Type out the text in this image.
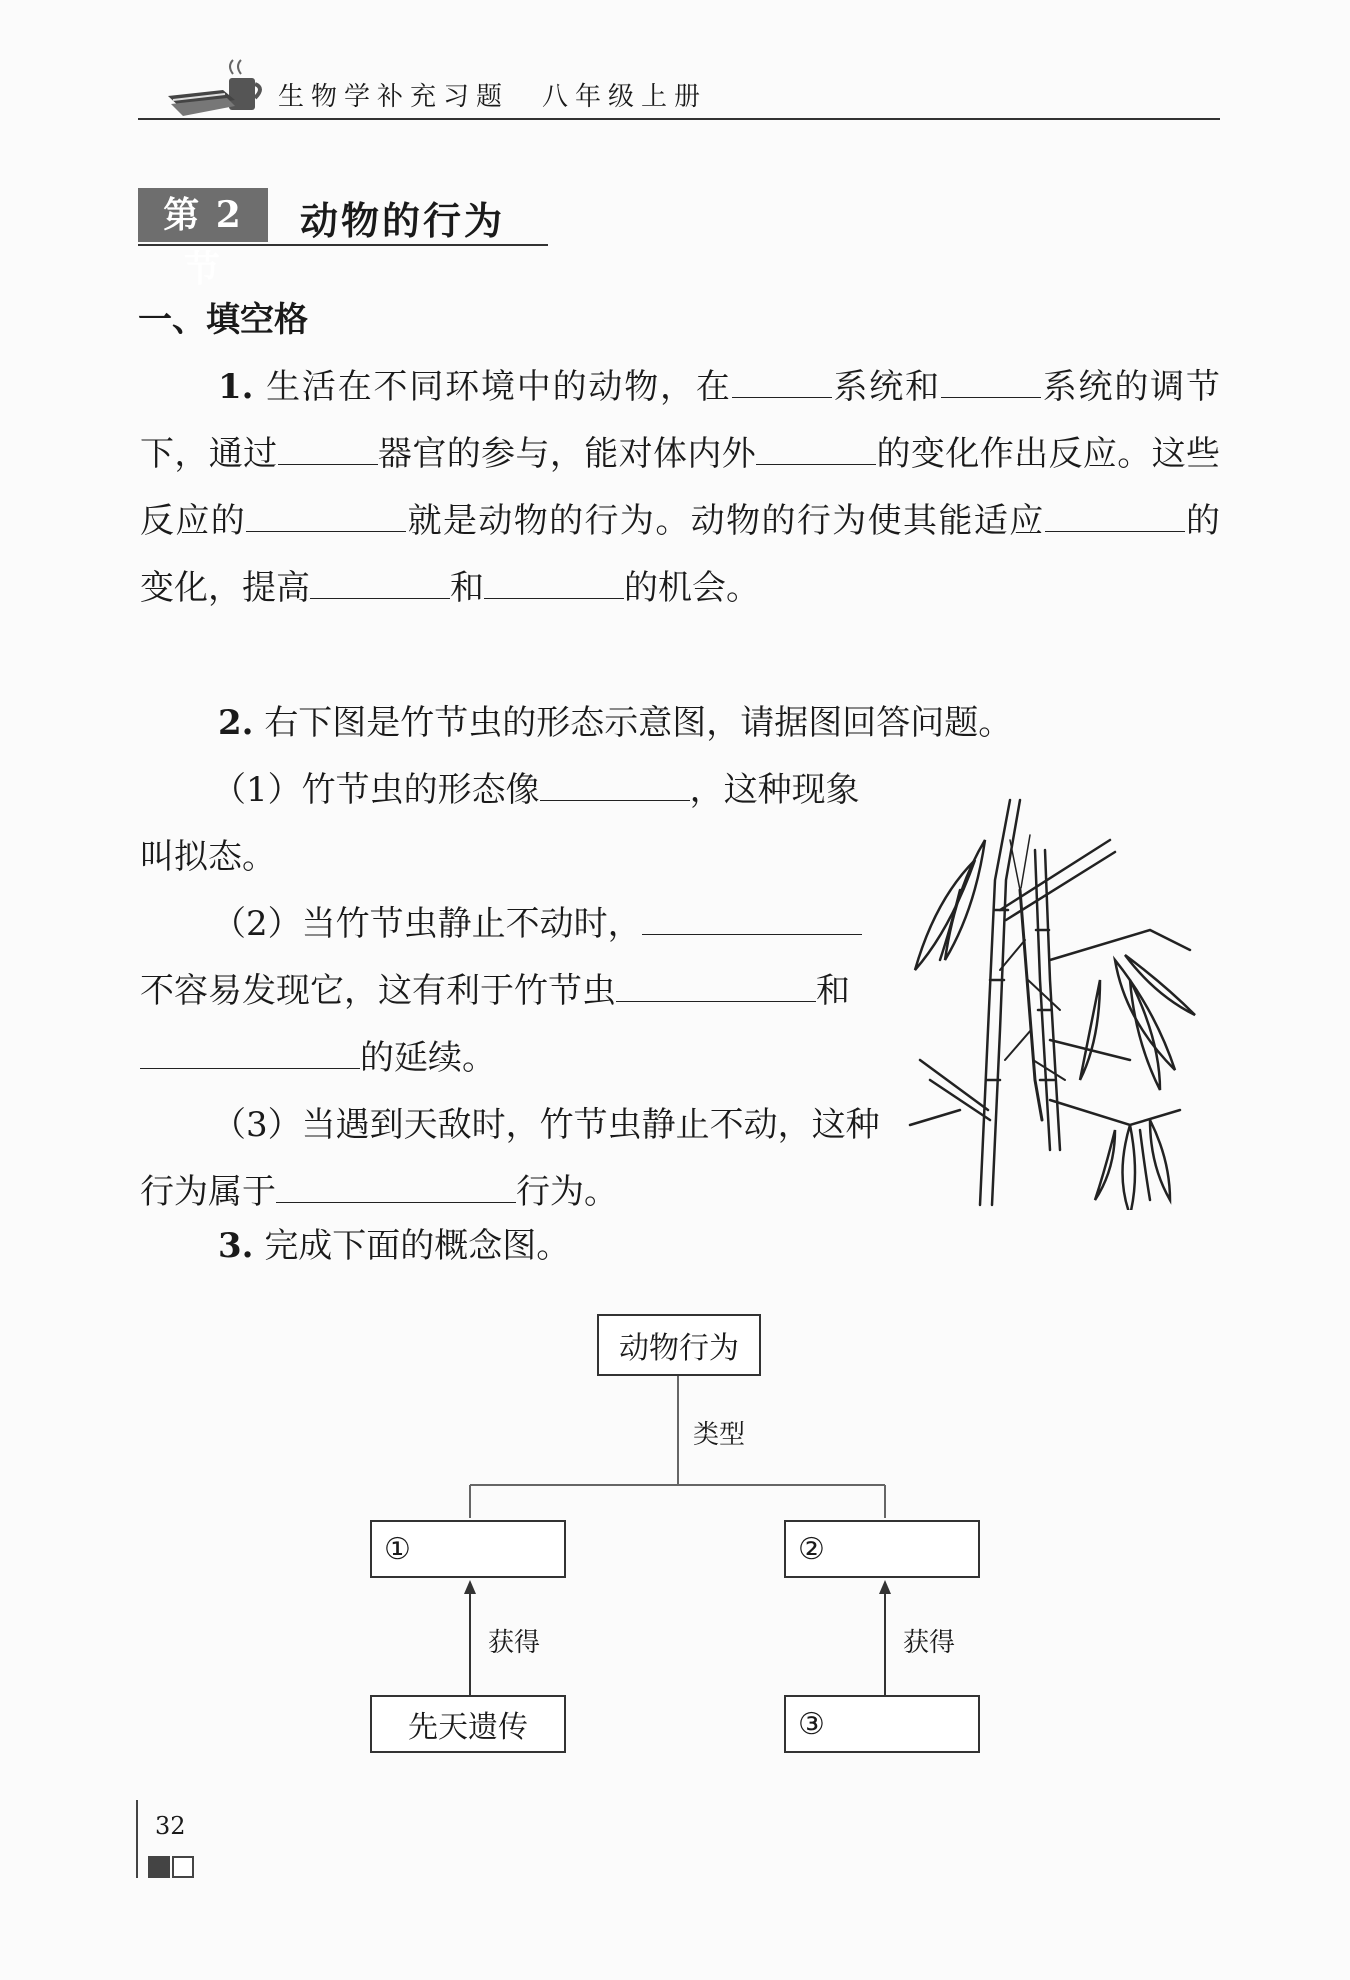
生物学补充习题　八年级上册
第 2 节
动物的行为
一、填空格

1. 生活在不同环境中的动物，在	系统和	系统的调节下，通过	器官的参与，能对体内外	的变化作出反应。这些反应的	就是动物的行为。动物的行为使其能适应	的变化，提高	和	的机会。

2. 右下图是竹节虫的形态示意图，请据图回答问题。

（1）竹节虫的形态像	，这种现象叫拟态。

（2）当竹节虫静止不动时，不容易发现它，这有利于竹节虫	和的延续。

（3）当遇到天敌时，竹节虫静止不动，这种行为属于	行为。

3. 完成下面的概念图。
动物行为
类型
①	②
获得	获得
先天遗传	③
32
